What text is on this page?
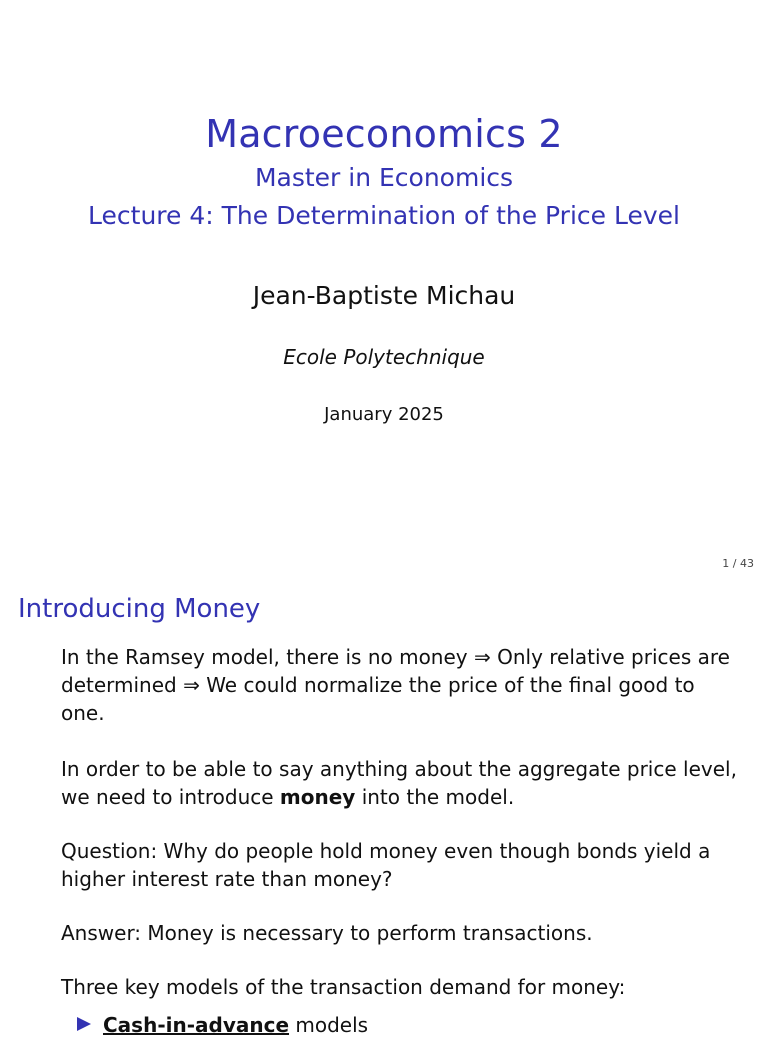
Macroeconomics 2
Master in Economics
Lecture 4: The Determination of the Price Level
Jean-Baptiste Michau
Ecole Polytechnique
January 2025
1 / 43
Introducing Money
In the Ramsey model, there is no money ⇒ Only relative prices are
determined ⇒ We could normalize the price of the final good to
one.
In order to be able to say anything about the aggregate price level,
we need to introduce money into the model.
Question: Why do people hold money even though bonds yield a
higher interest rate than money?
Answer: Money is necessary to perform transactions.
Three key models of the transaction demand for money:
Cash-in-advance models
